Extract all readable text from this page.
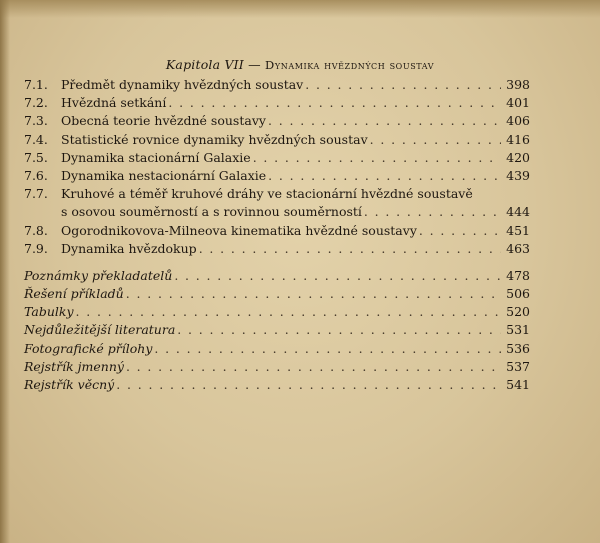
Kapitola VII — Dynamika hvězdných soustav
7.1.	Předmět dynamiky hvězdných soustav . . .	398
7.2.	Hvězdná setkání . . .	401
7.3.	Obecná teorie hvězdné soustavy . . .	406
7.4.	Statistické rovnice dynamiky hvězdných soustav . . .	416
7.5.	Dynamika stacionární Galaxie . . .	420
7.6.	Dynamika nestacionární Galaxie . . .	439
7.7.	Kruhové a téměř kruhové dráhy ve stacionární hvězdné soustavě
s osovou souměrností a s rovinnou souměrností . . .	444
7.8.	Ogorodnikovova-Milneova kinematika hvězdné soustavy . . .	451
7.9.	Dynamika hvězdokup . . .	463
Poznámky překladatelů . . .	478
Řešení příkladů . . .	506
Tabulky . . .	520
Nejdůležitější literatura . . .	531
Fotografické přílohy . . .	536
Rejstřík jmenný . . .	537
Rejstřík věcný . . .	541
